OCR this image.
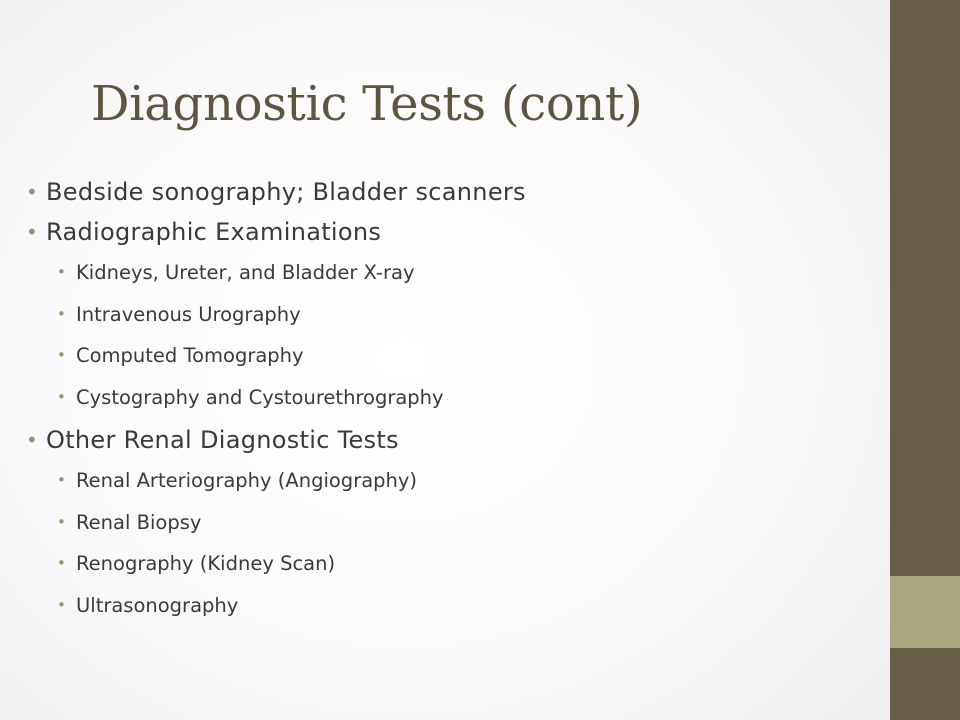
Diagnostic Tests (cont)
• Bedside sonography; Bladder scanners
• Radiographic Examinations
• Kidneys, Ureter, and Bladder X-ray
• Intravenous Urography
• Computed Tomography
• Cystography and Cystourethrography
• Other Renal Diagnostic Tests
• Renal Arteriography (Angiography)
• Renal Biopsy
• Renography (Kidney Scan)
• Ultrasonography
